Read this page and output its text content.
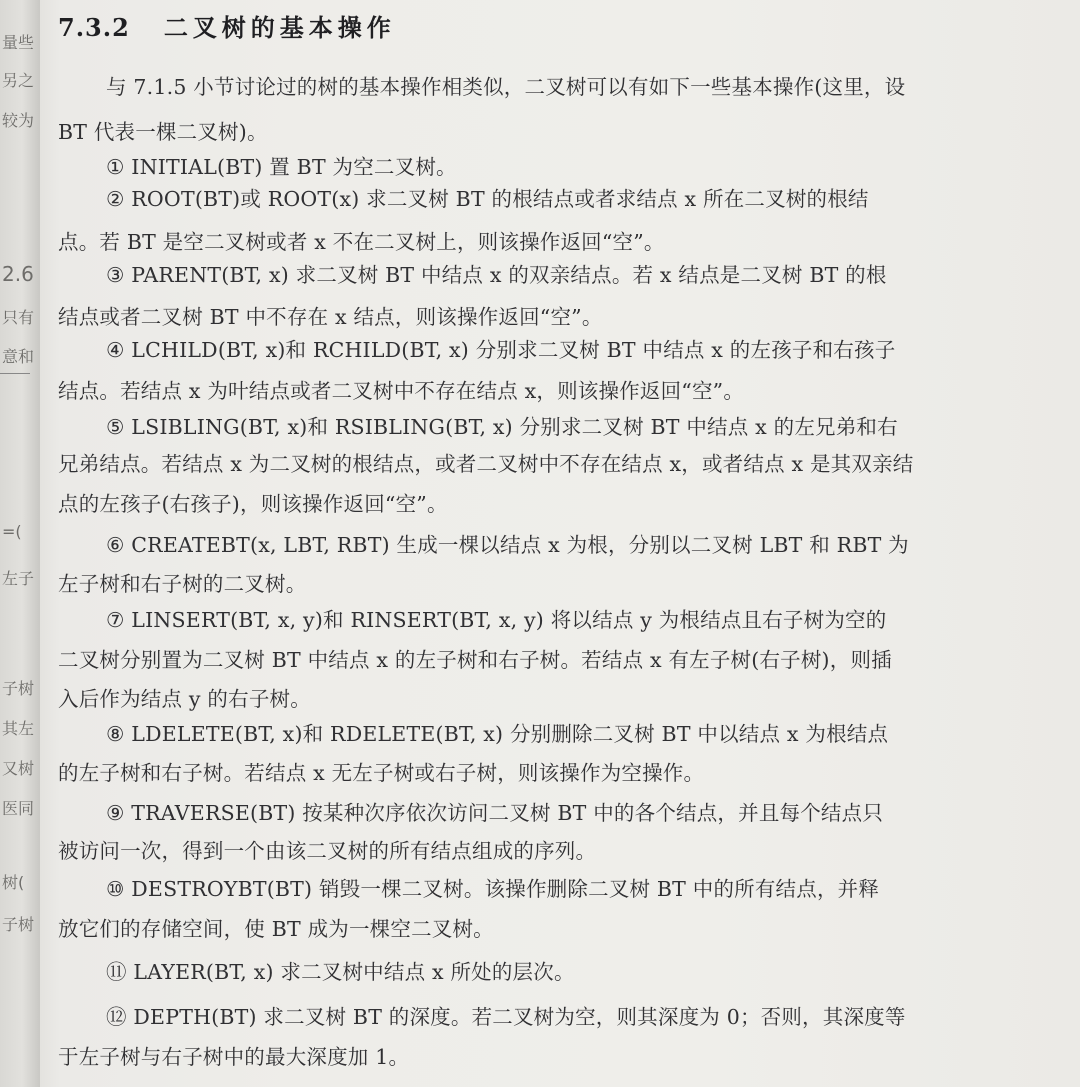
量些
另之
较为
2.6
只有
意和
=(
左子
子树
其左
又树
医同
树(
子树
7.3.2 二叉树的基本操作
与 7.1.5 小节讨论过的树的基本操作相类似，二叉树可以有如下一些基本操作(这里，设
BT 代表一棵二叉树)。
① INITIAL(BT) 置 BT 为空二叉树。
② ROOT(BT)或 ROOT(x) 求二叉树 BT 的根结点或者求结点 x 所在二叉树的根结
点。若 BT 是空二叉树或者 x 不在二叉树上，则该操作返回“空”。
③ PARENT(BT, x) 求二叉树 BT 中结点 x 的双亲结点。若 x 结点是二叉树 BT 的根
结点或者二叉树 BT 中不存在 x 结点，则该操作返回“空”。
④ LCHILD(BT, x)和 RCHILD(BT, x) 分别求二叉树 BT 中结点 x 的左孩子和右孩子
结点。若结点 x 为叶结点或者二叉树中不存在结点 x，则该操作返回“空”。
⑤ LSIBLING(BT, x)和 RSIBLING(BT, x) 分别求二叉树 BT 中结点 x 的左兄弟和右
兄弟结点。若结点 x 为二叉树的根结点，或者二叉树中不存在结点 x，或者结点 x 是其双亲结
点的左孩子(右孩子)，则该操作返回“空”。
⑥ CREATEBT(x, LBT, RBT) 生成一棵以结点 x 为根，分别以二叉树 LBT 和 RBT 为
左子树和右子树的二叉树。
⑦ LINSERT(BT, x, y)和 RINSERT(BT, x, y) 将以结点 y 为根结点且右子树为空的
二叉树分别置为二叉树 BT 中结点 x 的左子树和右子树。若结点 x 有左子树(右子树)，则插
入后作为结点 y 的右子树。
⑧ LDELETE(BT, x)和 RDELETE(BT, x) 分别删除二叉树 BT 中以结点 x 为根结点
的左子树和右子树。若结点 x 无左子树或右子树，则该操作为空操作。
⑨ TRAVERSE(BT) 按某种次序依次访问二叉树 BT 中的各个结点，并且每个结点只
被访问一次，得到一个由该二叉树的所有结点组成的序列。
⑩ DESTROYBT(BT) 销毁一棵二叉树。该操作删除二叉树 BT 中的所有结点，并释
放它们的存储空间，使 BT 成为一棵空二叉树。
⑪ LAYER(BT, x) 求二叉树中结点 x 所处的层次。
⑫ DEPTH(BT) 求二叉树 BT 的深度。若二叉树为空，则其深度为 0；否则，其深度等
于左子树与右子树中的最大深度加 1。
